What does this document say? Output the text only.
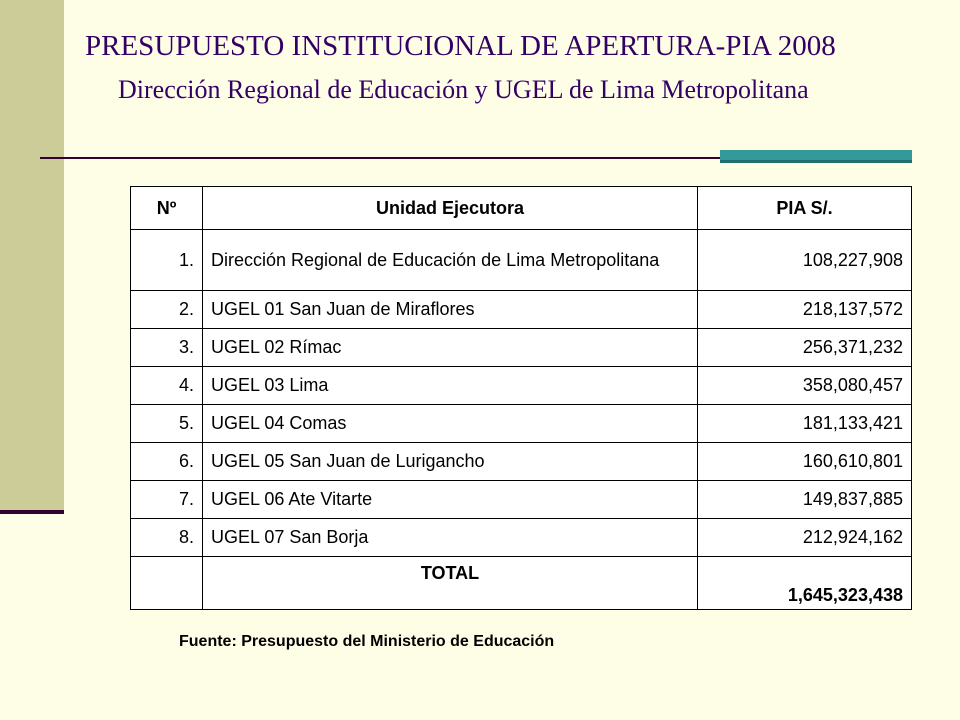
PRESUPUESTO INSTITUCIONAL DE APERTURA-PIA 2008
Dirección Regional de Educación y UGEL de Lima Metropolitana
Nº	Unidad Ejecutora	PIA S/.
1.	Dirección Regional de Educación de Lima Metropolitana	108,227,908
2.	UGEL 01 San Juan de Miraflores	218,137,572
3.	UGEL 02 Rímac	256,371,232
4.	UGEL 03 Lima	358,080,457
5.	UGEL 04 Comas	181,133,421
6.	UGEL 05 San Juan de Lurigancho	160,610,801
7.	UGEL 06 Ate Vitarte	149,837,885
8.	UGEL 07 San Borja	212,924,162
	TOTAL	1,645,323,438

Fuente: Presupuesto del Ministerio de Educación
